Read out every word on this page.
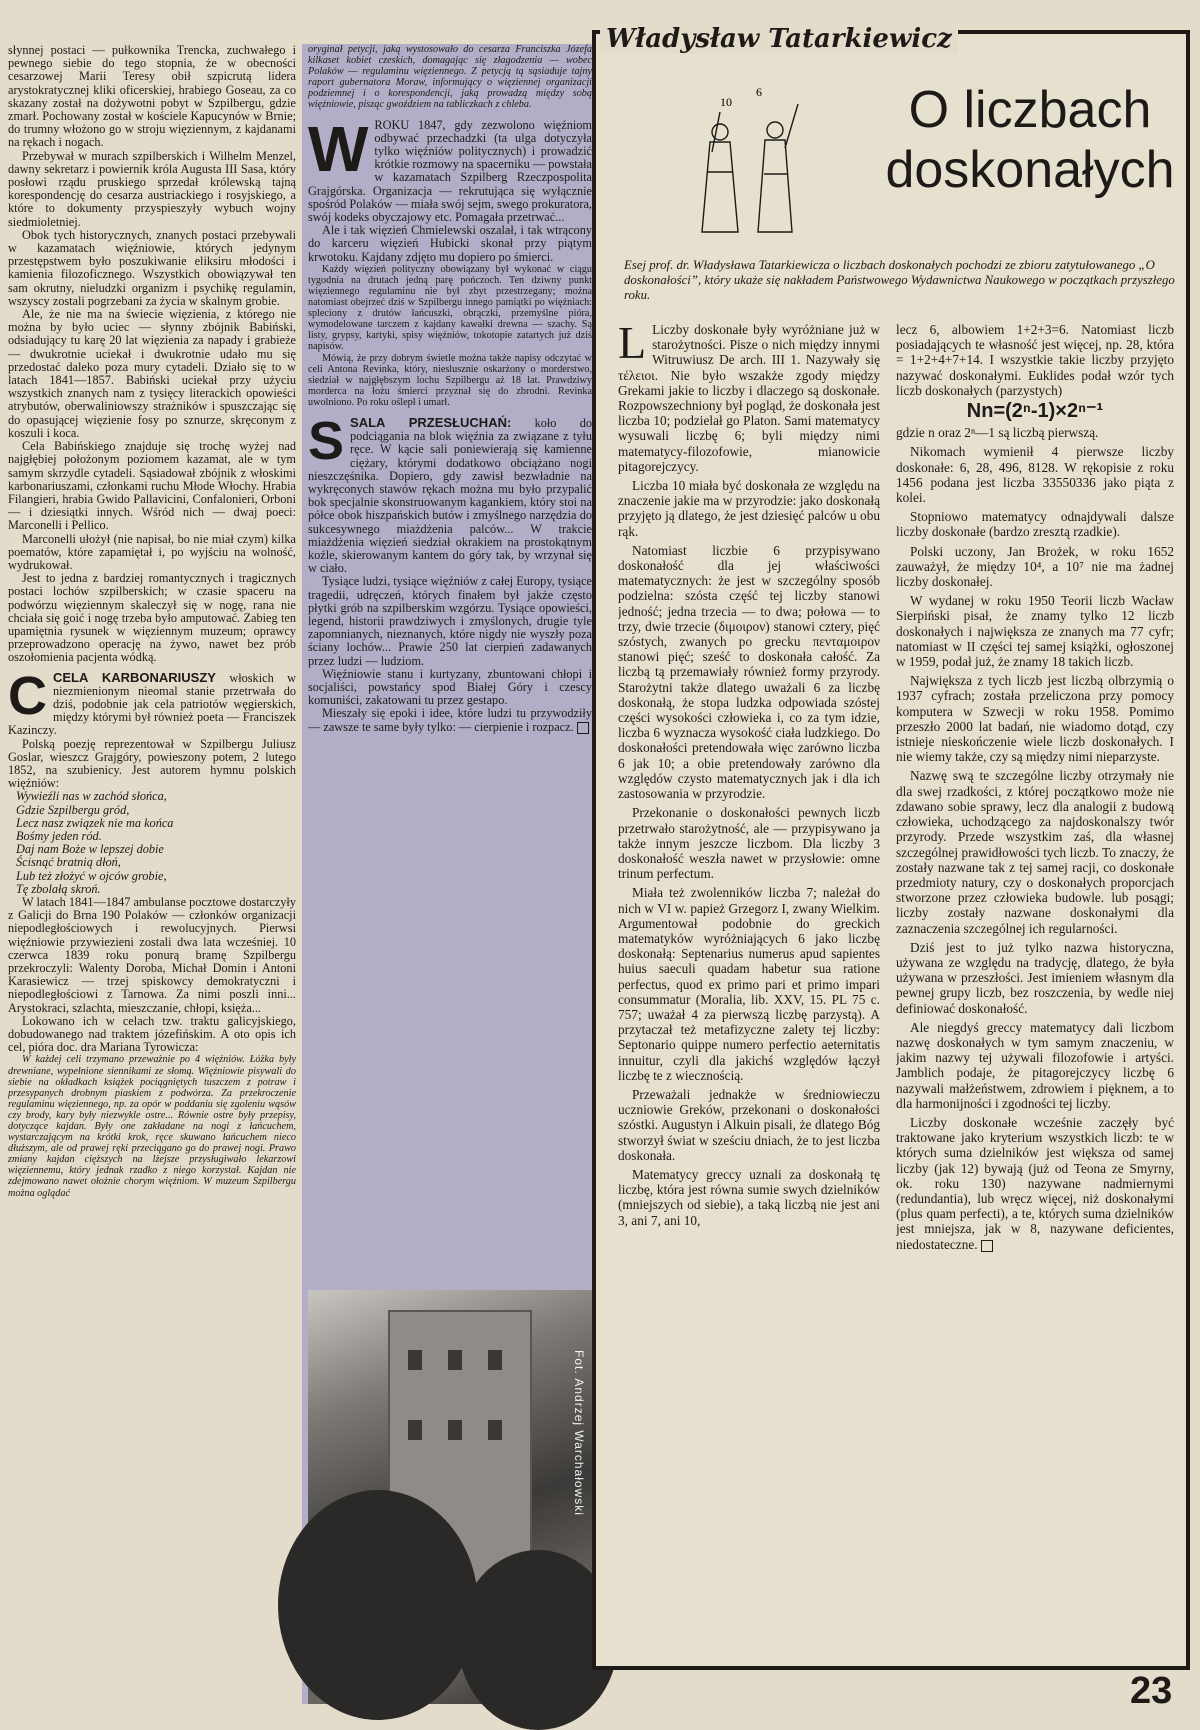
słynnej postaci — pułkownika Trencka, zuchwałego i pewnego siebie do tego stopnia, że w obecności cesarzowej Marii Teresy obił szpicrutą lidera arystokratycznej kliki oficerskiej, hrabiego Goseau, za co skazany został na dożywotni pobyt w Szpilbergu, gdzie zmarł. Pochowany został w kościele Kapucynów w Brnie; do trumny włożono go w stroju więziennym, z kajdanami na rękach i nogach.

Przebywał w murach szpilberskich i Wilhelm Menzel, dawny sekretarz i powiernik króla Augusta III Sasa, który posłowi rządu pruskiego sprzedał królewską tajną korespondencję do cesarza austriackiego i rosyjskiego, a które to dokumenty przyspieszyły wybuch wojny siedmioletniej.

Obok tych historycznych, znanych postaci przebywali w kazamatach więźniowie, których jedynym przestępstwem było poszukiwanie eliksiru młodości i kamienia filozoficznego. Wszystkich obowiązywał ten sam okrutny, nieludzki organizm i psychikę regulamin, wszyscy zostali pogrzebani za życia w skalnym grobie.

Ale, że nie ma na świecie więzienia, z którego nie można by było uciec — słynny zbójnik Babiński, odsiadujący tu karę 20 lat więzienia za napady i grabieże — dwukrotnie uciekał i dwukrotnie udało mu się przedostać daleko poza mury cytadeli. Działo się to w latach 1841—1857. Babiński uciekał przy użyciu wszystkich znanych nam z tysięcy literackich opowieści atrybutów, oberwaliniowszy strażników i spuszczając się do opasującej więzienie fosy po sznurze, skręconym z koszuli i koca.

Cela Babińskiego znajduje się trochę wyżej nad najgłębiej położonym poziomem kazamat, ale w tym samym skrzydle cytadeli. Sąsiadował zbójnik z włoskimi karbonariuszami, członkami ruchu Młode Włochy. Hrabia Filangieri, hrabia Gwido Pallavicini, Confalonieri, Orboni — i dziesiątki innych. Wśród nich — dwaj poeci: Marconelli i Pellico.

Marconelli ułożył (nie napisał, bo nie miał czym) kilka poematów, które zapamiętał i, po wyjściu na wolność, wydrukował.

Jest to jedna z bardziej romantycznych i tragicznych postaci lochów szpilberskich; w czasie spaceru na podwórzu więziennym skaleczył się w nogę, rana nie chciała się goić i nogę trzeba było amputować. Zabieg ten upamiętnia rysunek w więziennym muzeum; oprawcy przeprowadzono operację na żywo, nawet bez prób oszołomienia pacjenta wódką.

C CELA KARBONARIUSZY włoskich w niezmienionym nieomal stanie przetrwała do dziś, podobnie jak cela patriotów węgierskich, między którymi był również poeta — Franciszek Kazinczy.

Polską poezję reprezentował w Szpilbergu Juliusz Goslar, wieszcz Grajgóry, powieszony potem, 2 lutego 1852, na szubienicy. Jest autorem hymnu polskich więźniów:

Wywieźli nas w zachód słońca,
Gdzie Szpilbergu gród,
Lecz nasz związek nie ma końca
Bośmy jeden ród.
Daj nam Boże w lepszej dobie
Ścisnąć bratnią dłoń,
Lub też złożyć w ojców grobie,
Tę zbolałą skroń.

W latach 1841—1847 ambulanse pocztowe dostarczyły z Galicji do Brna 190 Polaków — członków organizacji niepodległościowych i rewolucyjnych. Pierwsi więźniowie przywiezieni zostali dwa lata wcześniej. 10 czerwca 1839 roku ponurą bramę Szpilbergu przekroczyli: Walenty Doroba, Michał Domin i Antoni Karasiewicz — trzej spiskowcy demokratyczni i niepodległościowi z Tarnowa. Za nimi poszli inni... Arystokraci, szlachta, mieszczanie, chłopi, księża...

Lokowano ich w celach tzw. traktu galicyjskiego, dobudowanego nad traktem józefińskim. A oto opis ich cel, pióra doc. dra Mariana Tyrowicza:

W każdej celi trzymano przeważnie po 4 więźniów. Łóżka były drewniane, wypełnione siennikami ze słomą. Więźniowie pisywali do siebie na okładkach książek pociągniętych tuszczem z potraw i przesypanych drobnym piaskiem z podwórza. Za przekroczenie regulaminu więziennego, np. za opór w poddaniu się zgoleniu wąsów czy brody, kary były niezwykle ostre... Równie ostre były przepisy, dotyczące kajdan. Były one zakładane na nogi z łańcuchem, wystarczającym na krótki krok, ręce skuwano łańcuchem nieco dłuższym, ale od prawej ręki przeciągano go do prawej nogi. Prawo zmiany kajdan cięższych na lżejsze przysługiwało lekarzowi więziennemu, który jednak rzadko z niego korzystał. Kajdan nie zdejmowano nawet ołożnie chorym więźniom. W muzeum Szpilbergu można oglądać

oryginał petycji, jaką wystosowało do cesarza Franciszka Józefa kilkaset kobiet czeskich, domagając się złagodzenia — wobec Polaków — regulaminu więziennego. Z petycją tą sąsiaduje tajny raport gubernatora Moraw, informujący o więziennej organizacji podziemnej i o korespondencji, jaką prowadzą między sobą więźniowie, pisząc gwoździem na tabliczkach z chleba.

W ROKU 1847, gdy zezwolono więźniom odbywać przechadzki (ta ulga dotyczyła tylko więźniów politycznych) i prowadzić krótkie rozmowy na spacerniku — powstała w kazamatach Szpilberg Rzeczpospolita Grajgórska. Organizacja — rekrutująca się wyłącznie spośród Polaków — miała swój sejm, swego prokuratora, swój kodeks obyczajowy etc. Pomagała przetrwać...

Ale i tak więzień Chmielewski oszalał, i tak wtrącony do karceru więzień Hubicki skonał przy piątym krwotoku. Kajdany zdjęto mu dopiero po śmierci.

Każdy więzień polityczny obowiązany był wykonać w ciągu tygodnia na drutach jedną parę pończoch. Ten dziwny punkt więziennego regulaminu nie był zbyt przestrzegany; można natomiast obejrzeć dziś w Szpilbergu innego pamiątki po więźniach: spleciony z drutów łańcuszki, obrączki, przemyślne pióra, wymodelowane tarczem z kajdany kawałki drewna — szachy. Są listy, grypsy, kartyki, spisy więźniów, tokotopie zatartych już dziś napisów.

Mówią, że przy dobrym świetle można także napisy odczytać w celi Antona Revinka, który, nieslusznie oskarżony o morderstwo, siedział w najgłębszym lochu Szpilbergu aż 18 lat. Prawdziwy morderca na łożu śmierci przyznał się do zbrodni. Revinka uwolniono. Po roku oślepł i umarł.

S SALA PRZESŁUCHAŃ: koło do podciągania na blok więźnia za związane z tyłu ręce. W kącie sali poniewierają się kamienne ciężary, którymi dodatkowo obciążano nogi nieszczęśnika. Dopiero, gdy zawisł bezwładnie na wykręconych stawów rękach można mu było przypalić bok specjalnie skonstruowanym kagankiem, który stoi na półce obok hiszpańskich butów i zmyślnego narzędzia do sukcesywnego miażdżenia palców... W trakcie miażdżenia więzień siedział okrakiem na prostokątnym koźle, skierowanym kantem do góry tak, by wrzynał się w ciało.

Tysiące ludzi, tysiące więźniów z całej Europy, tysiące tragedii, udręczeń, których finałem był jakże często płytki grób na szpilberskim wzgórzu. Tysiące opowieści, legend, historii prawdziwych i zmyślonych, drugie tyle zapomnianych, nieznanych, które nigdy nie wyszły poza ściany lochów... Prawie 250 lat cierpień zadawanych przez ludzi — ludziom.

Więźniowie stanu i kurtyzany, zbuntowani chłopi i socjaliści, powstańcy spod Białej Góry i czescy komuniści, zakatowani tu przez gestapo.

Mieszały się epoki i idee, które ludzi tu przywodziły — zawsze te same były tylko: — cierpienie i rozpacz.

Fot. Andrzej Warchałowski
Władysław Tatarkiewicz
10
6	O liczbach doskonałych
Esej prof. dr. Władysława Tatarkiewicza o liczbach doskonałych pochodzi ze zbioru zatytułowanego „O doskonałości”, który ukaże się nakładem Państwowego Wydawnictwa Naukowego w początkach przyszłego roku.
L Liczby doskonałe były wyróżniane już w starożytności. Pisze o nich między innymi Witruwiusz De arch. III 1. Nazywały się τέλειοι. Nie było wszakże zgody między Grekami jakie to liczby i dlaczego są doskonałe. Rozpowszechniony był pogląd, że doskonała jest liczba 10; podzielał go Platon. Sami matematycy wysuwali liczbę 6; byli między nimi matematycy-filozofowie, mianowicie pitagorejczycy.

Liczba 10 miała być doskonała ze względu na znaczenie jakie ma w przyrodzie: jako doskonałą przyjęto ją dlatego, że jest dziesięć palców u obu rąk.

Natomiast liczbie 6 przypisywano doskonałość dla jej właściwości matematycznych: że jest w szczególny sposób podzielna: szósta część tej liczby stanowi jedność; jedna trzecia — to dwa; połowa — to trzy, dwie trzecie (διμοιρον) stanowi cztery, pięć szóstych, zwanych po grecku πενταμοιρον stanowi pięć; sześć to doskonała całość. Za liczbą tą przemawiały również formy przyrody. Starożytni także dlatego uważali 6 za liczbę doskonałą, że stopa ludzka odpowiada szóstej części wysokości człowieka i, co za tym idzie, liczba 6 wyznacza wysokość ciała ludzkiego. Do doskonałości pretendowała więc zarówno liczba 6 jak 10; a obie pretendowały zarówno dla względów czysto matematycznych jak i dla ich zastosowania w przyrodzie.

Przekonanie o doskonałości pewnych liczb przetrwało starożytność, ale — przypisywano ja także innym jeszcze liczbom. Dla liczby 3 doskonałość weszła nawet w przysłowie: omne trinum perfectum.

Miała też zwolenników liczba 7; należał do nich w VI w. papież Grzegorz I, zwany Wielkim. Argumentował podobnie do greckich matematyków wyróżniających 6 jako liczbę doskonałą: Septenarius numerus apud sapientes huius saeculi quadam habetur sua ratione perfectus, quod ex primo pari et primo impari consummatur (Moralia, lib. XXV, 15. PL 75 c. 757; uważał 4 za pierwszą liczbę parzystą). A przytaczał też metafizyczne zalety tej liczby: Septonario quippe numero perfectio aeternitatis innuitur, czyli dla jakichś względów łączył liczbę te z wiecznością.

Przeważali jednakże w średniowieczu uczniowie Greków, przekonani o doskonałości szóstki. Augustyn i Alkuin pisali, że dlatego Bóg stworzył świat w sześciu dniach, że to jest liczba doskonała.

Matematycy greccy uznali za doskonałą tę liczbę, która jest równa sumie swych dzielników (mniejszych od siebie), a taką liczbą nie jest ani 3, ani 7, ani 10,

lecz 6, albowiem 1+2+3=6. Natomiast liczb posiadających te własność jest więcej, np. 28, która = 1+2+4+7+14. I wszystkie takie liczby przyjęto nazywać doskonałymi. Euklides podał wzór tych liczb doskonałych (parzystych)

Nn=(2ⁿ-1)×2ⁿ⁻¹

gdzie n oraz 2ⁿ—1 są liczbą pierwszą.

Nikomach wymienił 4 pierwsze liczby doskonałe: 6, 28, 496, 8128. W rękopisie z roku 1456 podana jest liczba 33550336 jako piąta z kolei.

Stopniowo matematycy odnajdywali dalsze liczby doskonałe (bardzo zresztą rzadkie).

Polski uczony, Jan Brożek, w roku 1652 zauważył, że między 10⁴, a 10⁷ nie ma żadnej liczby doskonałej.

W wydanej w roku 1950 Teorii liczb Wacław Sierpiński pisał, że znamy tylko 12 liczb doskonałych i największa ze znanych ma 77 cyfr; natomiast w II części tej samej książki, ogłoszonej w 1959, podał już, że znamy 18 takich liczb.

Największa z tych liczb jest liczbą olbrzymią o 1937 cyfrach; została przeliczona przy pomocy komputera w Szwecji w roku 1958. Pomimo przeszło 2000 lat badań, nie wiadomo dotąd, czy istnieje nieskończenie wiele liczb doskonałych. I nie wiemy także, czy są między nimi nieparzyste.

Nazwę swą te szczególne liczby otrzymały nie dla swej rzadkości, z której początkowo może nie zdawano sobie sprawy, lecz dla analogii z budową człowieka, uchodzącego za najdoskonalszy twór przyrody. Przede wszystkim zaś, dla własnej szczególnej prawidłowości tych liczb. To znaczy, że zostały nazwane tak z tej samej racji, co doskonałe przedmioty natury, czy o doskonałych proporcjach stworzone przez człowieka budowle. lub posągi; liczby zostały nazwane doskonałymi dla zaznaczenia szczególnej ich regularności.

Dziś jest to już tylko nazwa historyczna, używana ze względu na tradycję, dlatego, że była używana w przeszłości. Jest imieniem własnym dla pewnej grupy liczb, bez roszczenia, by wedle niej definiować doskonałość.

Ale niegdyś greccy matematycy dali liczbom nazwę doskonałych w tym samym znaczeniu, w jakim nazwy tej używali filozofowie i artyści. Jamblich podaje, że pitagorejczycy liczbę 6 nazywali małżeństwem, zdrowiem i pięknem, a to dla harmonijności i zgodności tej liczby.

Liczby doskonałe wcześnie zaczęły być traktowane jako kryterium wszystkich liczb: te w których suma dzielników jest większa od samej liczby (jak 12) bywają (już od Teona ze Smyrny, ok. roku 130) nazywane nadmiernymi (redundantia), lub wręcz więcej, niż doskonałymi (plus quam perfecti), a te, których suma dzielników jest mniejsza, jak w 8, nazywane deficientes, niedostateczne.

23
